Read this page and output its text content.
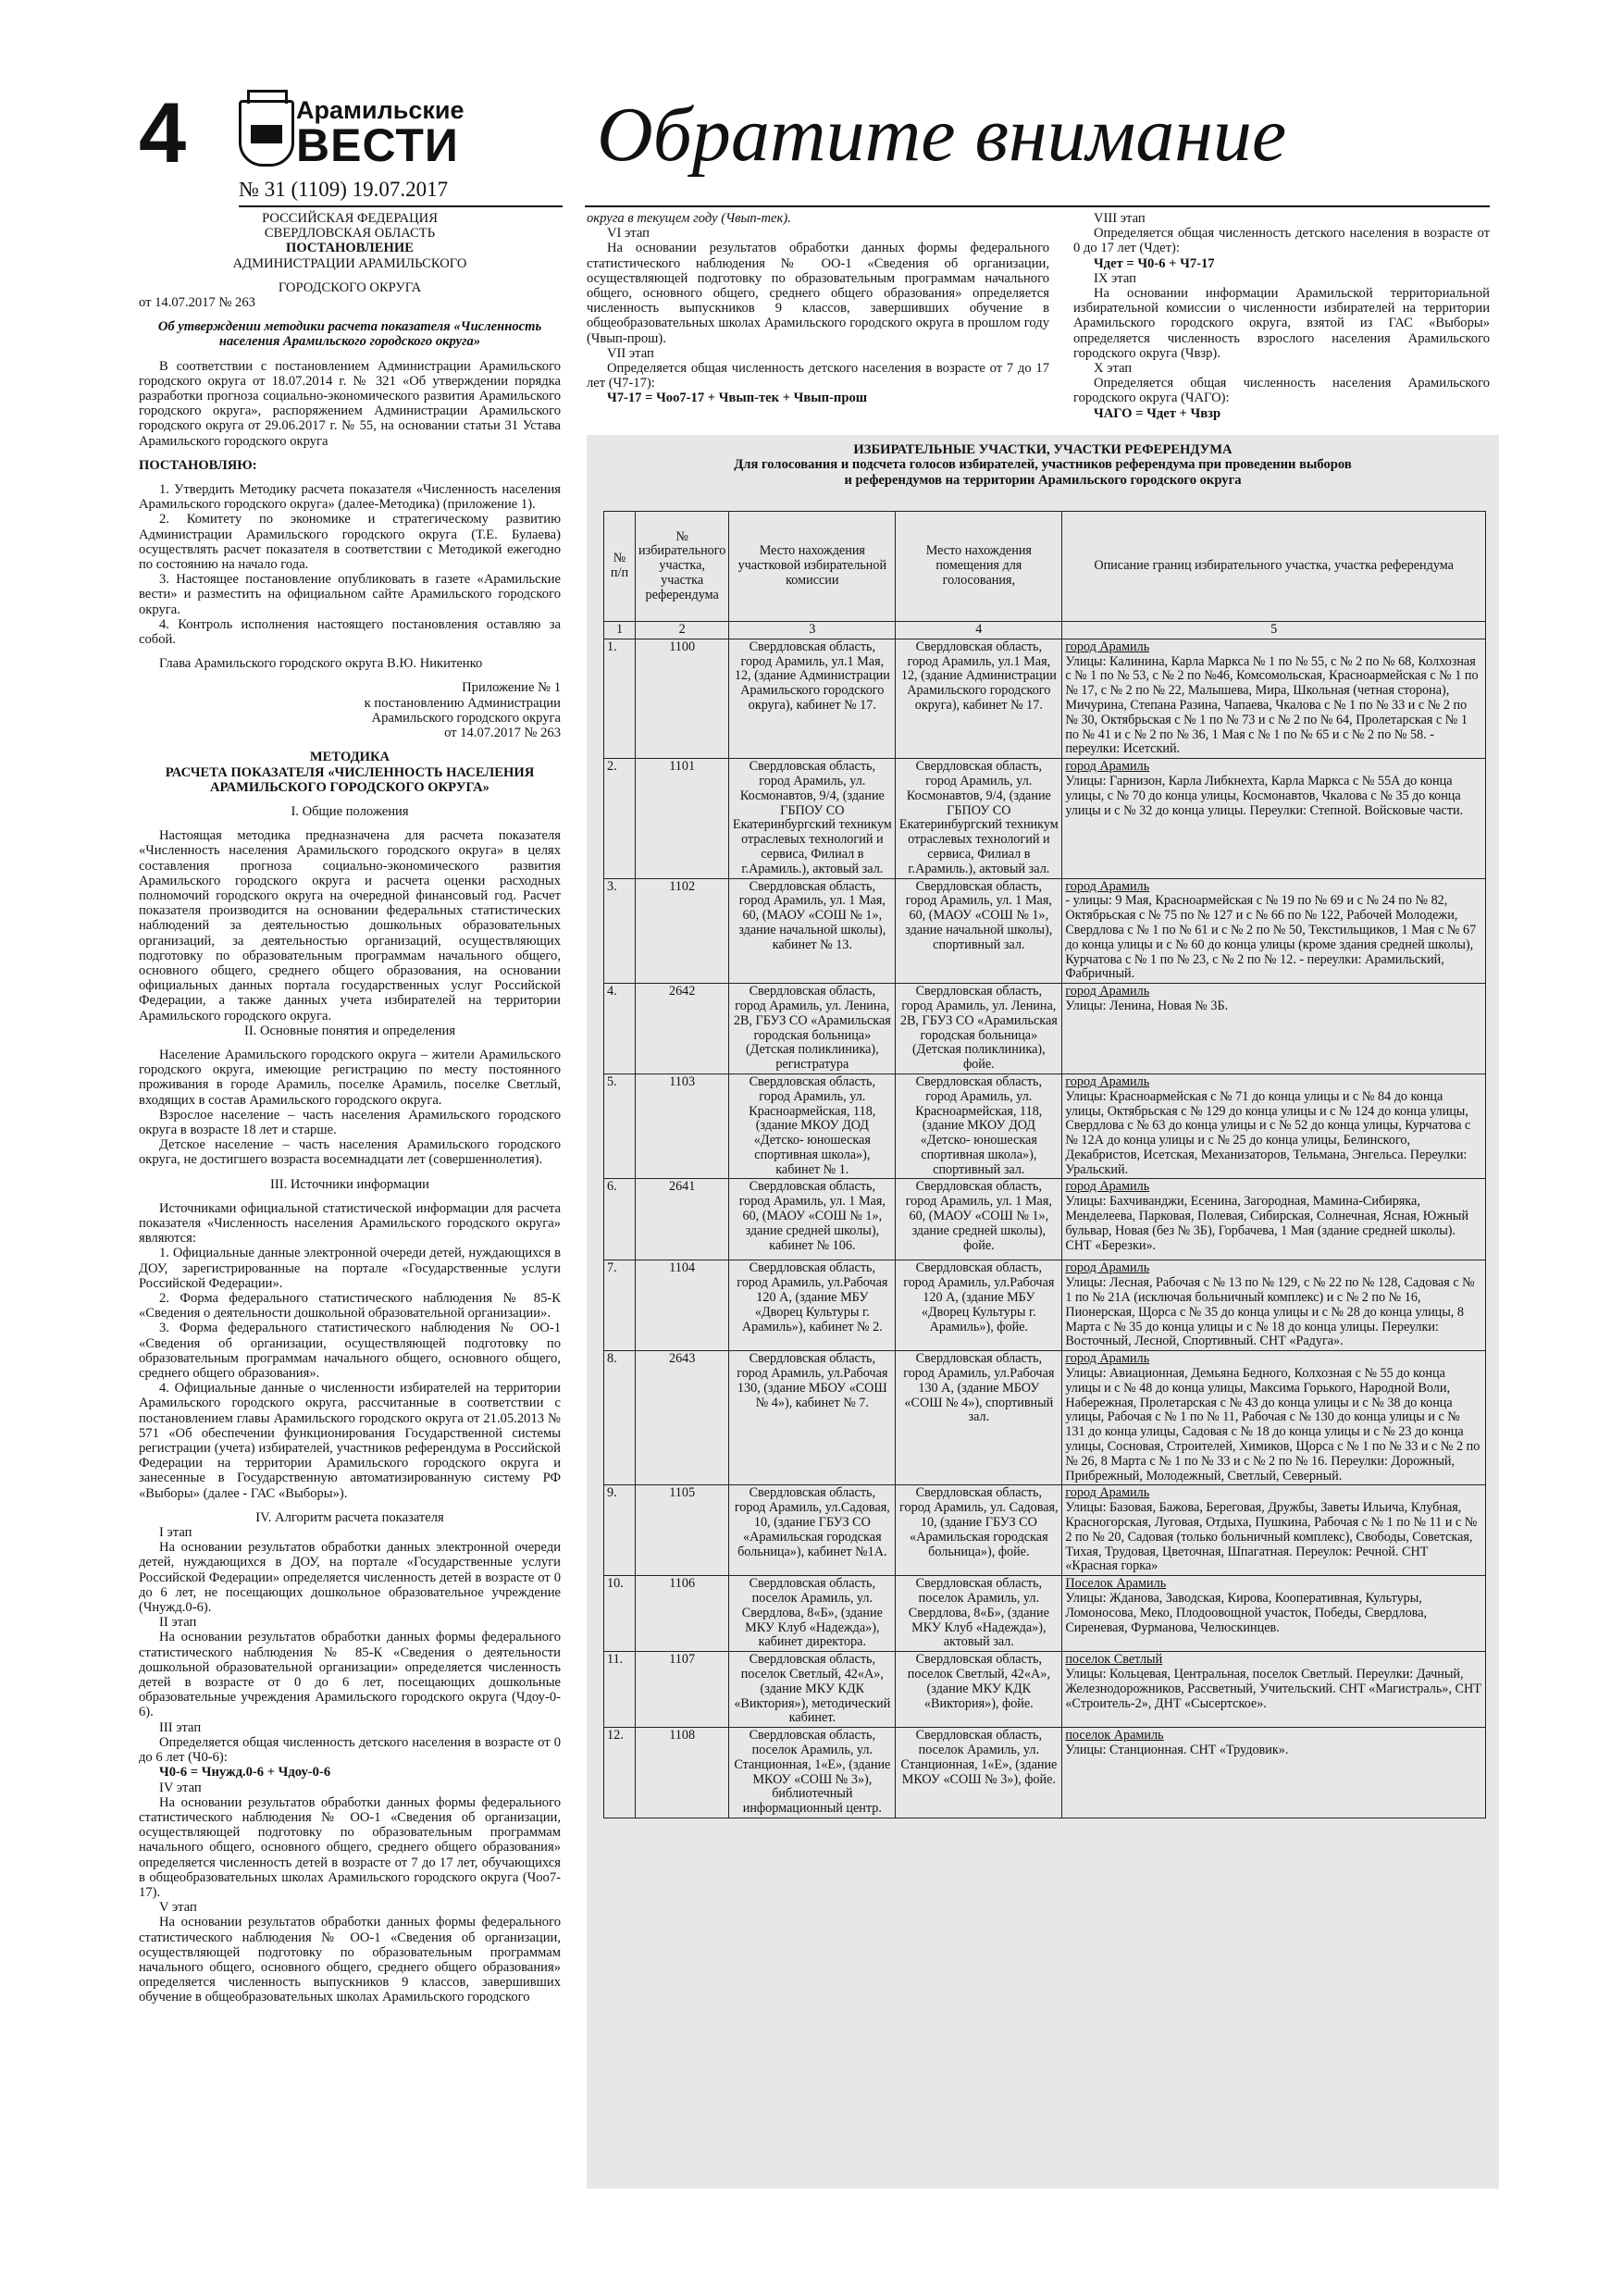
4	Арамильские
ВЕСТИ Обратите внимание
№ 31 (1109) 19.07.2017

РОССИЙСКАЯ ФЕДЕРАЦИЯ

СВЕРДЛОВСКАЯ ОБЛАСТЬ

ПОСТАНОВЛЕНИЕ

АДМИНИСТРАЦИИ АРАМИЛЬСКОГО

ГОРОДСКОГО ОКРУГА

от 14.07.2017 № 263

Об утверждении методики расчета показателя «Численность населения Арамильского городского округа»

В соответствии с постановлением Администрации Арамильского городского округа от 18.07.2014 г. № 321 «Об утверждении порядка разработки прогноза социально-экономического развития Арамильского городского округа», распоряжением Администрации Арамильского городского округа от 29.06.2017 г. № 55, на основании статьи 31 Устава Арамильского городского округа

ПОСТАНОВЛЯЮ:

1. Утвердить Методику расчета показателя «Численность населения Арамильского городского округа» (далее-Методика) (приложение 1).

2. Комитету по экономике и стратегическому развитию Администрации Арамильского городского округа (Т.Е. Булаева) осуществлять расчет показателя в соответствии с Методикой ежегодно по состоянию на начало года.

3. Настоящее постановление опубликовать в газете «Арамильские вести» и разместить на официальном сайте Арамильского городского округа.

4. Контроль исполнения настоящего постановления оставляю за собой.

Глава Арамильского городского округа В.Ю. Никитенко

Приложение № 1

к постановлению Администрации

Арамильского городского округа

от 14.07.2017 № 263

МЕТОДИКА

РАСЧЕТА ПОКАЗАТЕЛЯ «ЧИСЛЕННОСТЬ НАСЕЛЕНИЯ АРАМИЛЬСКОГО ГОРОДСКОГО ОКРУГА»

I. Общие положения

Настоящая методика предназначена для расчета показателя «Численность населения Арамильского городского округа» в целях составления прогноза социально-экономического развития Арамильского городского округа и расчета оценки расходных полномочий городского округа на очередной финансовый год. Расчет показателя производится на основании федеральных статистических наблюдений за деятельностью дошкольных образовательных организаций, за деятельностью организаций, осуществляющих подготовку по образовательным программам начального общего, основного общего, среднего общего образования, на основании официальных данных портала государственных услуг Российской Федерации, а также данных учета избирателей на территории Арамильского городского округа.

II. Основные понятия и определения

Население Арамильского городского округа – жители Арамильского городского округа, имеющие регистрацию по месту постоянного проживания в городе Арамиль, поселке Арамиль, поселке Светлый, входящих в состав Арамильского городского округа.

Взрослое население – часть населения Арамильского городского округа в возрасте 18 лет и старше.

Детское население – часть населения Арамильского городского округа, не достигшего возраста восемнадцати лет (совершеннолетия).

III. Источники информации

Источниками официальной статистической информации для расчета показателя «Численность населения Арамильского городского округа» являются:

1. Официальные данные электронной очереди детей, нуждающихся в ДОУ, зарегистрированные на портале «Государственные услуги Российской Федерации».

2. Форма федерального статистического наблюдения № 85-К «Сведения о деятельности дошкольной образовательной организации».

3. Форма федерального статистического наблюдения № ОО-1 «Сведения об организации, осуществляющей подготовку по образовательным программам начального общего, основного общего, среднего общего образования».

4. Официальные данные о численности избирателей на территории Арамильского городского округа, рассчитанные в соответствии с постановлением главы Арамильского городского округа от 21.05.2013 № 571 «Об обеспечении функционирования Государственной системы регистрации (учета) избирателей, участников референдума в Российской Федерации на территории Арамильского городского округа и занесенные в Государственную автоматизированную систему РФ «Выборы» (далее - ГАС «Выборы»).

IV. Алгоритм расчета показателя

I этап

На основании результатов обработки данных электронной очереди детей, нуждающихся в ДОУ, на портале «Государственные услуги Российской Федерации» определяется численность детей в возрасте от 0 до 6 лет, не посещающих дошкольное образовательное учреждение (Чнужд.0-6).

II этап

На основании результатов обработки данных формы федерального статистического наблюдения № 85-К «Сведения о деятельности дошкольной образовательной организации» определяется численность детей в возрасте от 0 до 6 лет, посещающих дошкольные образовательные учреждения Арамильского городского округа (Чдоу-0-6).

III этап

Определяется общая численность детского населения в возрасте от 0 до 6 лет (Ч0-6):

Ч0-6 = Чнужд.0-6 + Чдоу-0-6

IV этап

На основании результатов обработки данных формы федерального статистического наблюдения № ОО-1 «Сведения об организации, осуществляющей подготовку по образовательным программам начального общего, основного общего, среднего общего образования» определяется численность детей в возрасте от 7 до 17 лет, обучающихся в общеобразовательных школах Арамильского городского округа (Чоо7-17).

V этап

На основании результатов обработки данных формы федерального статистического наблюдения № ОО-1 «Сведения об организации, осуществляющей подготовку по образовательным программам начального общего, основного общего, среднего общего образования» определяется численность выпускников 9 классов, завершивших обучение в общеобразовательных школах Арамильского городского

округа в текущем году (Чвып-тек).

VI этап

На основании результатов обработки данных формы федерального статистического наблюдения № ОО-1 «Сведения об организации, осуществляющей подготовку по образовательным программам начального общего, основного общего, среднего общего образования» определяется численность выпускников 9 классов, завершивших обучение в общеобразовательных школах Арамильского городского округа в прошлом году (Чвып-прош).

VII этап

Определяется общая численность детского населения в возрасте от 7 до 17 лет (Ч7-17):

Ч7-17 = Чоо7-17 + Чвып-тек + Чвып-прош

VIII этап

Определяется общая численность детского населения в возрасте от 0 до 17 лет (Чдет):

Чдет = Ч0-6 + Ч7-17

IX этап

На основании информации Арамильской территориальной избирательной комиссии о численности избирателей на территории Арамильского городского округа, взятой из ГАС «Выборы» определяется численность взрослого населения Арамильского городского округа (Чвзр).

X этап

Определяется общая численность населения Арамильского городского округа (ЧАГО):

ЧАГО = Чдет + Чвзр

ИЗБИРАТЕЛЬНЫЕ УЧАСТКИ, УЧАСТКИ РЕФЕРЕНДУМА
Для голосования и подсчета голосов избирателей, участников референдума при проведении выборов
и референдумов на территории Арамильского городского округа
№ п/п	№ избирательного участка, участка референдума	Место нахождения участковой избирательной комиссии	Место нахождения помещения для голосования,	Описание границ избирательного участка, участка референдума
1	2	3	4	5
1.	1100	Свердловская область, город Арамиль, ул.1 Мая, 12, (здание Администрации Арамильского городского округа), кабинет № 17.	Свердловская область, город Арамиль, ул.1 Мая, 12, (здание Администрации Арамильского городского округа), кабинет № 17.	город Арамиль
Улицы: Калинина, Карла Маркса № 1 по № 55, с № 2 по № 68, Колхозная с № 1 по № 53, с № 2 по №46, Комсомольская, Красноармейская с № 1 по № 17, с № 2 по № 22, Малышева, Мира, Школьная (четная сторона), Мичурина, Степана Разина, Чапаева, Чкалова с № 1 по № 33 и с № 2 по № 30, Октябрьская с № 1 по № 73 и с № 2 по № 64, Пролетарская с № 1 по № 41 и с № 2 по № 36, 1 Мая с № 1 по № 65 и с № 2 по № 58. - переулки: Исетский.

2.	1101	Свердловская область, город Арамиль, ул. Космонавтов, 9/4, (здание ГБПОУ СО Екатеринбургский техникум отраслевых технологий и сервиса, Филиал в г.Арамиль.), актовый зал.	Свердловская область, город Арамиль, ул. Космонавтов, 9/4, (здание ГБПОУ СО Екатеринбургский техникум отраслевых технологий и сервиса, Филиал в г.Арамиль.), актовый зал.	город Арамиль
Улицы: Гарнизон, Карла Либкнехта, Карла Маркса с № 55А до конца улицы, с № 70 до конца улицы, Космонавтов, Чкалова с № 35 до конца улицы и с № 32 до конца улицы. Переулки: Степной. Войсковые части.

3.	1102	Свердловская область, город Арамиль, ул. 1 Мая, 60, (МАОУ «СОШ № 1», здание начальной школы), кабинет № 13.	Свердловская область, город Арамиль, ул. 1 Мая, 60, (МАОУ «СОШ № 1», здание начальной школы), спортивный зал.	город Арамиль
- улицы: 9 Мая, Красноармейская с № 19 по № 69 и с № 24 по № 82, Октябрьская с № 75 по № 127 и с № 66 по № 122, Рабочей Молодежи, Свердлова с № 1 по № 61 и с № 2 по № 50, Текстильщиков, 1 Мая с № 67 до конца улицы и с № 60 до конца улицы (кроме здания средней школы), Курчатова с № 1 по № 23, с № 2 по № 12. - переулки: Арамильский, Фабричный.

4.	2642	Свердловская область, город Арамиль, ул. Ленина, 2В, ГБУЗ СО «Арамильская городская больница» (Детская поликлиника), регистратура	Свердловская область, город Арамиль, ул. Ленина, 2В, ГБУЗ СО «Арамильская городская больница» (Детская поликлиника), фойе.	город Арамиль
Улицы: Ленина, Новая № 3Б.

5.	1103	Свердловская область, город Арамиль, ул. Красноармейская, 118, (здание МКОУ ДОД «Детско- юношеская спортивная школа»), кабинет № 1.	Свердловская область, город Арамиль, ул. Красноармейская, 118, (здание МКОУ ДОД «Детско- юношеская спортивная школа»), спортивный зал.	город Арамиль
Улицы: Красноармейская с № 71 до конца улицы и с № 84 до конца улицы, Октябрьская с № 129 до конца улицы и с № 124 до конца улицы, Свердлова с № 63 до конца улицы и с № 52 до конца улицы, Курчатова с № 12А до конца улицы и с № 25 до конца улицы, Белинского, Декабристов, Исетская, Механизаторов, Тельмана, Энгельса. Переулки: Уральский.

6.	2641	Свердловская область, город Арамиль, ул. 1 Мая, 60, (МАОУ «СОШ № 1», здание средней школы), кабинет № 106.	Свердловская область, город Арамиль, ул. 1 Мая, 60, (МАОУ «СОШ № 1», здание средней школы), фойе.	город Арамиль
Улицы: Бахчиванджи, Есенина, Загородная, Мамина-Сибиряка, Менделеева, Парковая, Полевая, Сибирская, Солнечная, Ясная, Южный бульвар, Новая (без № 3Б), Горбачева, 1 Мая (здание средней школы). СНТ «Березки».

7.	1104	Свердловская область, город Арамиль, ул.Рабочая 120 А, (здание МБУ «Дворец Культуры г. Арамиль»), кабинет № 2.	Свердловская область, город Арамиль, ул.Рабочая 120 А, (здание МБУ «Дворец Культуры г. Арамиль»), фойе.	город Арамиль
Улицы: Лесная, Рабочая с № 13 по № 129, с № 22 по № 128, Садовая с № 1 по № 21А (исключая больничный комплекс) и с № 2 по № 16, Пионерская, Щорса с № 35 до конца улицы и с № 28 до конца улицы, 8 Марта с № 35 до конца улицы и с № 18 до конца улицы. Переулки: Восточный, Лесной, Спортивный. СНТ «Радуга».

8.	2643	Свердловская область, город Арамиль, ул.Рабочая 130, (здание МБОУ «СОШ № 4»), кабинет № 7.	Свердловская область, город Арамиль, ул.Рабочая 130 А, (здание МБОУ «СОШ № 4»), спортивный зал.	город Арамиль
Улицы: Авиационная, Демьяна Бедного, Колхозная с № 55 до конца улицы и с № 48 до конца улицы, Максима Горького, Народной Воли, Набережная, Пролетарская с № 43 до конца улицы и с № 38 до конца улицы, Рабочая с № 1 по № 11, Рабочая с № 130 до конца улицы и с № 131 до конца улицы, Садовая с № 18 до конца улицы и с № 23 до конца улицы, Сосновая, Строителей, Химиков, Щорса с № 1 по № 33 и с № 2 по № 26, 8 Марта с № 1 по № 33 и с № 2 по № 16. Переулки: Дорожный, Прибрежный, Молодежный, Светлый, Северный.

9.	1105	Свердловская область, город Арамиль, ул.Садовая, 10, (здание ГБУЗ СО «Арамильская городская больница»), кабинет №1А.	Свердловская область, город Арамиль, ул. Садовая, 10, (здание ГБУЗ СО «Арамильская городская больница»), фойе.	город Арамиль
Улицы: Базовая, Бажова, Береговая, Дружбы, Заветы Ильича, Клубная, Красногорская, Луговая, Отдыха, Пушкина, Рабочая с № 1 по № 11 и с № 2 по № 20, Садовая (только больничный комплекс), Свободы, Советская, Тихая, Трудовая, Цветочная, Шпагатная. Переулок: Речной. СНТ «Красная горка»

10.	1106	Свердловская область, поселок Арамиль, ул. Свердлова, 8«Б», (здание МКУ Клуб «Надежда»), кабинет директора.	Свердловская область, поселок Арамиль, ул. Свердлова, 8«Б», (здание МКУ Клуб «Надежда»), актовый зал.	Поселок Арамиль
Улицы: Жданова, Заводская, Кирова, Кооперативная, Культуры, Ломоносова, Меко, Плодоовощной участок, Победы, Свердлова, Сиреневая, Фурманова, Челюскинцев.

11.	1107	Свердловская область, поселок Светлый, 42«А», (здание МКУ КДК «Виктория»), методический кабинет.	Свердловская область, поселок Светлый, 42«А», (здание МКУ КДК «Виктория»), фойе.	поселок Светлый
Улицы: Кольцевая, Центральная, поселок Светлый. Переулки: Дачный, Железнодорожников, Рассветный, Учительский. СНТ «Магистраль», СНТ «Строитель-2», ДНТ «Сысертское».

12.	1108	Свердловская область, поселок Арамиль, ул. Станционная, 1«Е», (здание МКОУ «СОШ № 3»), библиотечный информационный центр.	Свердловская область, поселок Арамиль, ул. Станционная, 1«Е», (здание МКОУ «СОШ № 3»), фойе.	поселок Арамиль
Улицы: Станционная. СНТ «Трудовик».
